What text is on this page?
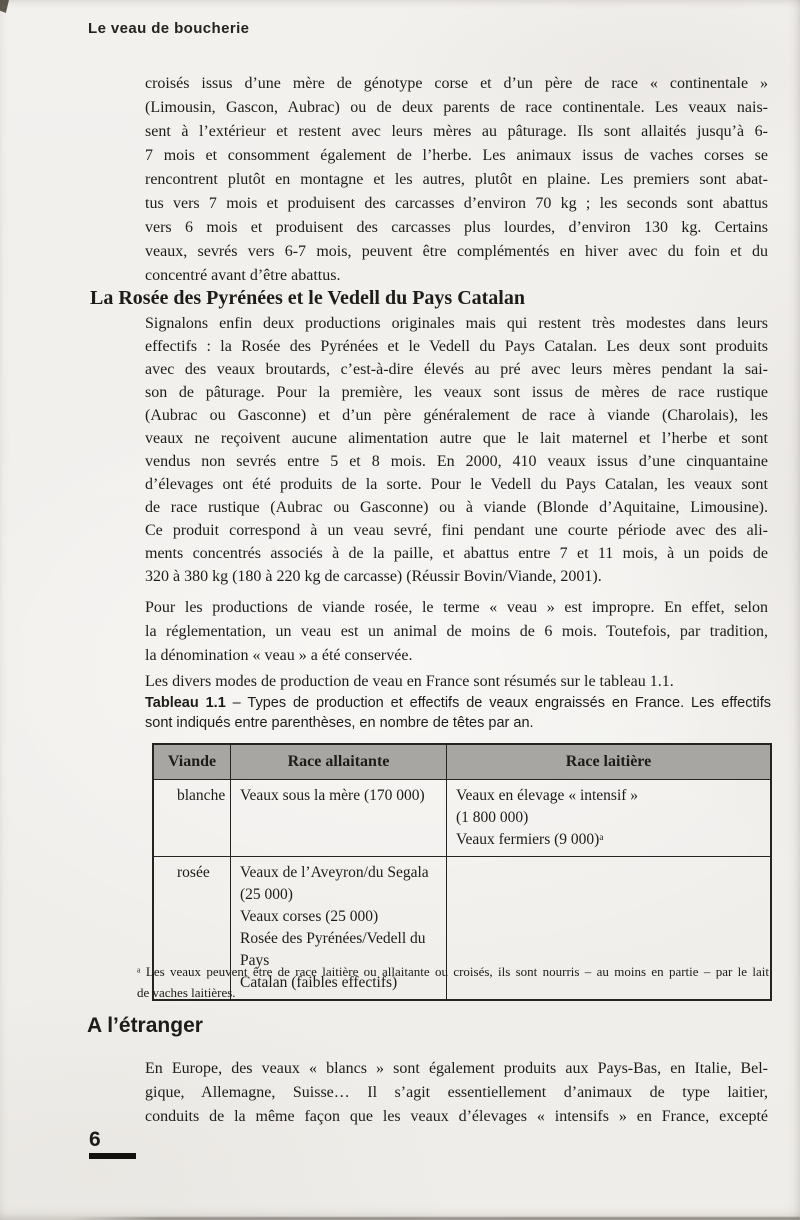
Le veau de boucherie
croisés issus d’une mère de génotype corse et d’un père de race « continentale »
(Limousin, Gascon, Aubrac) ou de deux parents de race continentale. Les veaux nais-
sent à l’extérieur et restent avec leurs mères au pâturage. Ils sont allaités jusqu’à 6-
7 mois et consomment également de l’herbe. Les animaux issus de vaches corses se
rencontrent plutôt en montagne et les autres, plutôt en plaine. Les premiers sont abat-
tus vers 7 mois et produisent des carcasses d’environ 70 kg ; les seconds sont abattus
vers 6 mois et produisent des carcasses plus lourdes, d’environ 130 kg. Certains
veaux, sevrés vers 6-7 mois, peuvent être complémentés en hiver avec du foin et du
concentré avant d’être abattus.
La Rosée des Pyrénées et le Vedell du Pays Catalan
Signalons enfin deux productions originales mais qui restent très modestes dans leurs
effectifs : la Rosée des Pyrénées et le Vedell du Pays Catalan. Les deux sont produits
avec des veaux broutards, c’est-à-dire élevés au pré avec leurs mères pendant la sai-
son de pâturage. Pour la première, les veaux sont issus de mères de race rustique
(Aubrac ou Gasconne) et d’un père généralement de race à viande (Charolais), les
veaux ne reçoivent aucune alimentation autre que le lait maternel et l’herbe et sont
vendus non sevrés entre 5 et 8 mois. En 2000, 410 veaux issus d’une cinquantaine
d’élevages ont été produits de la sorte. Pour le Vedell du Pays Catalan, les veaux sont
de race rustique (Aubrac ou Gasconne) ou à viande (Blonde d’Aquitaine, Limousine).
Ce produit correspond à un veau sevré, fini pendant une courte période avec des ali-
ments concentrés associés à de la paille, et abattus entre 7 et 11 mois, à un poids de
320 à 380 kg (180 à 220 kg de carcasse) (Réussir Bovin/Viande, 2001).
Pour les productions de viande rosée, le terme « veau » est impropre. En effet, selon
la réglementation, un veau est un animal de moins de 6 mois. Toutefois, par tradition,
la dénomination « veau » a été conservée.
Les divers modes de production de veau en France sont résumés sur le tableau 1.1.
Tableau 1.1 – Types de production et effectifs de veaux engraissés en France. Les effectifs
sont indiqués entre parenthèses, en nombre de têtes par an.
Viande	Race allaitante	Race laitière
blanche Veaux sous la mère (170 000)	Veaux en élevage « intensif »
(1 800 000)
Veaux fermiers (9 000)ᵃ
rosée	Veaux de l’Aveyron/du Segala (25 000)
Veaux corses (25 000)
Rosée des Pyrénées/Vedell du Pays
Catalan (faibles effectifs)
ᵃ Les veaux peuvent être de race laitière ou allaitante ou croisés, ils sont nourris – au moins en partie – par le lait
de vaches laitières.
A l’étranger
En Europe, des veaux « blancs » sont également produits aux Pays-Bas, en Italie, Bel-
gique, Allemagne, Suisse… Il s’agit essentiellement d’animaux de type laitier,
conduits de la même façon que les veaux d’élevages « intensifs » en France, excepté
6
